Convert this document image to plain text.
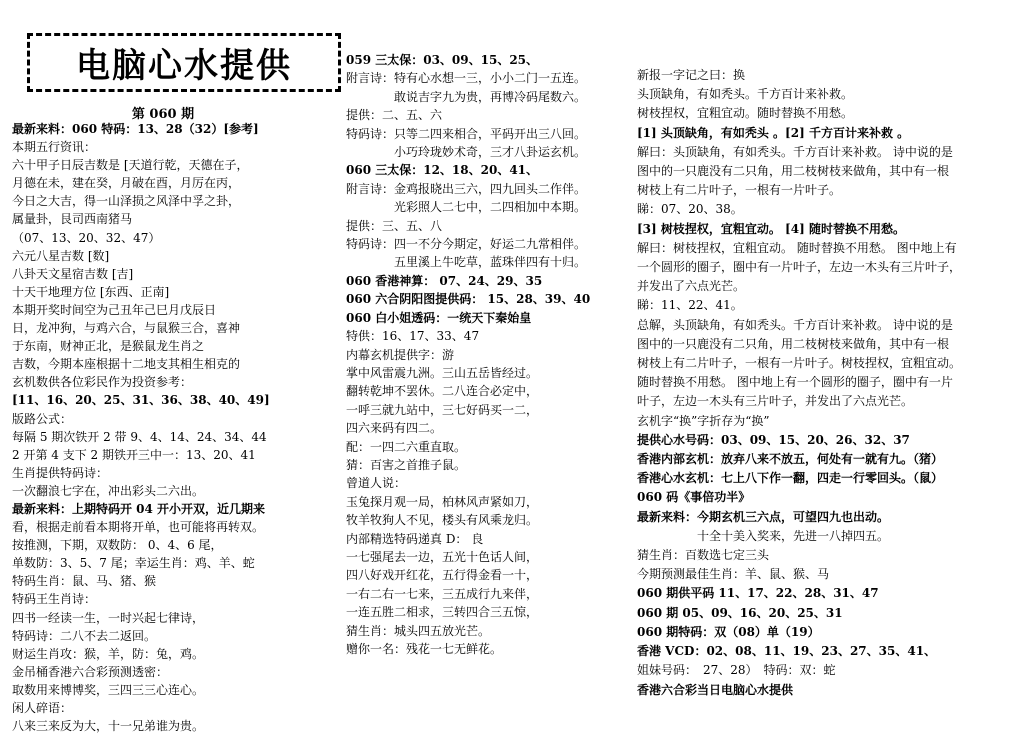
电脑心水提供
第 060 期
最新来料：060 特码：13、28（32）[参考]
本期五行资讯：
六十甲子日辰吉数是 [天道行乾，天德在子，
月德在未，建在癸，月破在酉，月厉在丙，
今日之大吉，得一山泽损之风泽中孚之卦，
属量卦，艮司西南猪马
（07、13、20、32、47）
六元八星吉数 [数]
八卦天文星宿吉数 [吉]
十天干地理方位 [东西、正南]
本期开奖时间空为己丑年己巳月戊辰日
日，龙冲狗，与鸡六合，与鼠猴三合，喜神
于东南，财神正北，是猴鼠龙生肖之
吉数，今期本座根据十二地支其相生相克的
玄机数供各位彩民作为投资参考：
[11、16、20、25、31、36、38、40、49]
版路公式：
每隔 5 期次铁开 2 带 9、4、14、24、34、44
2 开第 4 支下 2 期铁开三中一：13、20、41
生肖提供特码诗：
一次翻浪七字在，冲出彩头二六出。
最新来料：上期特码开 04 开小开双，近几期来
看，根据走前看本期将开单，也可能将再转双。
按推测，下期，双数防： 0、4、6 尾，
单数防：3、5、7 尾；幸运生肖：鸡、羊、蛇
特码生肖：鼠、马、猪、猴
特码王生肖诗：
四书一经读一生，一时兴起七律诗，
特码诗：二八不去二返回。
财运生肖攻：猴，羊，防：兔，鸡。
金吊桶香港六合彩预测透密：
取数用来博博奖，三四三三心连心。
闲人碎语：
八来三来反为大，十一兄弟谁为贵。
059 三太保：03、09、15、25、
附言诗：特有心水想一三，小小二门一五连。
　　　　敢说吉字九为贵，再博冷码尾数六。
提供：二、五、六
特码诗：只等二四来相合，平码开出三八回。
　　　　小巧玲珑妙术奇，三才八卦运玄机。
060 三太保：12、18、20、41、
附言诗：金鸡报晓出三六，四九回头二作伴。
　　　　光彩照人二七中，二四相加中本期。
提供：三、五、八
特码诗：四一不分今期定，好运二九常相伴。
　　　　五里溪上牛吃草，蓝珠伴四有十归。
060 香港神算： 07、24、29、35
060 六合阴阳图提供码： 15、28、39、40
060 白小姐透码：一统天下秦始皇
特供：16、17、33、47
内幕玄机提供字：游
掌中风雷震九洲。三山五岳皆经过。
翻转乾坤不罢休。二八连合必定中，
一呼三就九站中，三七好码买一二，
四六来码有四二。
配：一四二六重直取。
猜：百害之首推子鼠。
曾道人说：
玉兔探月观一局，柏林风声紧如刀，
牧羊牧狗人不见，楼头有风乘龙归。
内部精选特码递真 D： 良
一七强尾去一边，五光十色话人间，
四八好戏开红花，五行得金看一十，
一右二右一七来，三五成行九来伴，
一连五胜二相求，三转四合三五惊，
猜生肖：城头四五放光芒。
赠你一名：残花一七无鲜花。
新报一字记之曰：换
头顶缺角，有如秃头。千方百计来补救。
树枝捏权，宜粗宜动。随时替换不用愁。
[1] 头顶缺角，有如秃头 。[2] 千方百计来补救 。
解曰：头顶缺角，有如秃头。千方百计来补救。 诗中说的是
图中的一只鹿没有二只角，用二枝树枝来做角，其中有一根
树枝上有二片叶子，一根有一片叶子。
睇：07、20、38。
[3] 树枝捏权，宜粗宜动。 [4] 随时替换不用愁。
解曰：树枝捏权，宜粗宜动。 随时替换不用愁。 图中地上有
一个圆形的圈子，圈中有一片叶子，左边一木头有三片叶子，
并发出了六点光芒。
睇：11、22、41。
总解，头顶缺角，有如秃头。千方百计来补救。 诗中说的是
图中的一只鹿没有二只角，用二枝树枝来做角，其中有一根
树枝上有二片叶子，一根有一片叶子。树枝捏权，宜粗宜动。
随时替换不用愁。 图中地上有一个圆形的圈子，圈中有一片
叶子，左边一木头有三片叶子，并发出了六点光芒。
玄机字“换”字折存为“换”
提供心水号码：03、09、15、20、26、32、37
香港内部玄机：放弃八来不放五，何处有一就有九。（猪）
香港心水玄机：七上八下作一翻，四走一行零回头。（鼠）
060 码《事倍功半》
最新来料：今期玄机三六点，可望四九也出动。
　　　　　十全十美入奖来，先进一八掉四五。
猜生肖：百数选七定三头
今期预测最佳生肖：羊、鼠、猴、马
060 期供平码 11、17、22、28、31、47
060 期 05、09、16、20、25、31
060 期特码：双（08）单（19）
香港 VCD：02、08、11、19、23、27、35、41、
姐妹号码：　27、28）　特码：双：蛇
香港六合彩当日电脑心水提供
